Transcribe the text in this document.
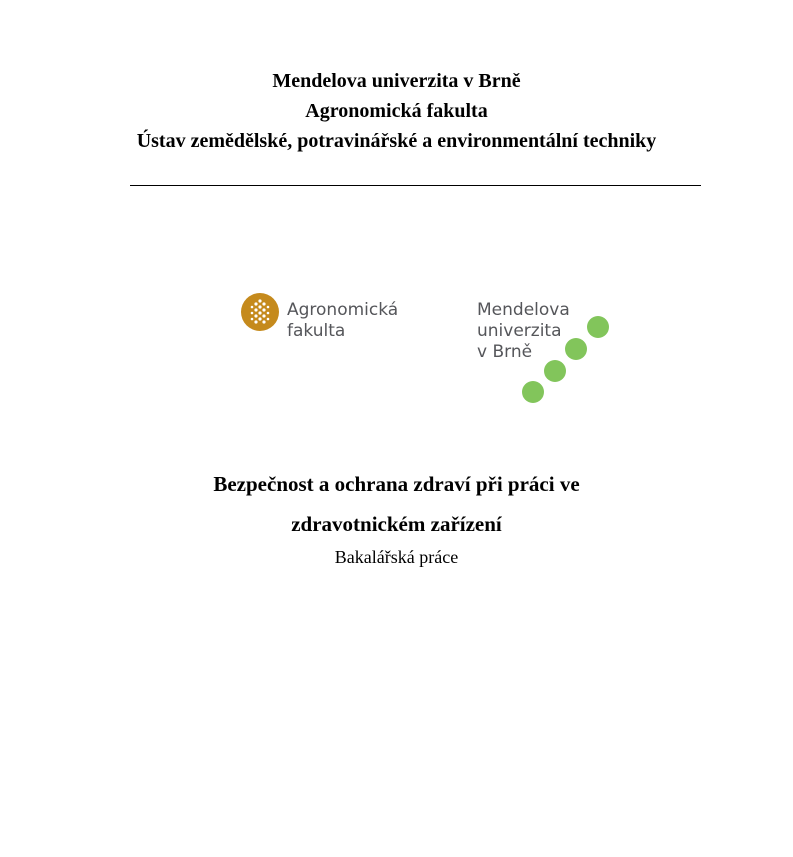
Mendelova univerzita v Brně
Agronomická fakulta
Ústav zemědělské, potravinářské a environmentální techniky
Agronomická
fakulta
Mendelova
univerzita
v Brně
Bezpečnost a ochrana zdraví při práci ve
zdravotnickém zařízení
Bakalářská práce
